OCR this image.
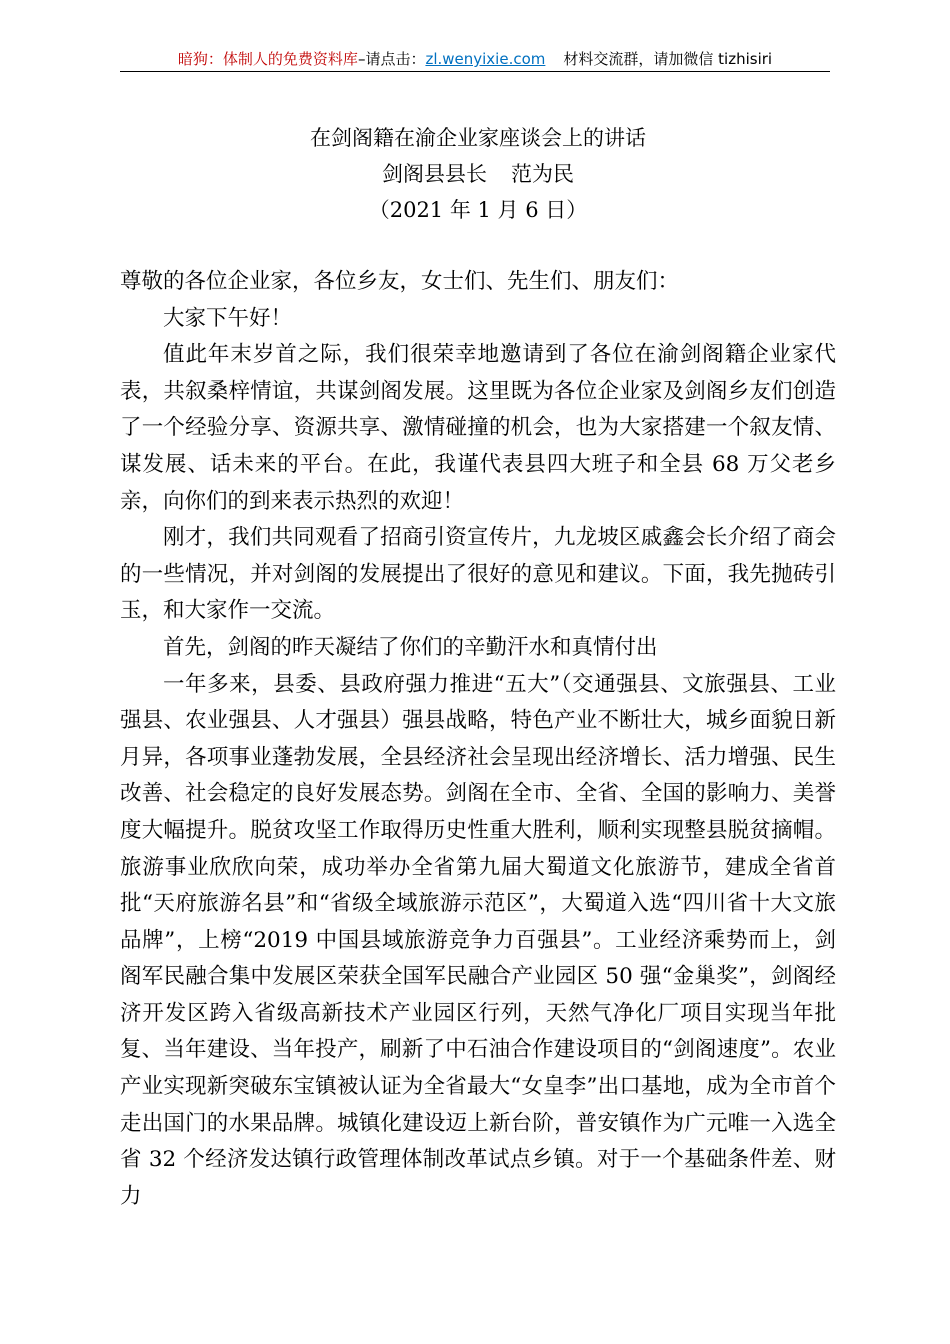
暗狗：体制人的免费资料库–请点击：zl.wenyixie.com 材料交流群，请加微信 tizhisiri
在剑阁籍在渝企业家座谈会上的讲话
剑阁县县长 范为民
（2021 年 1 月 6 日）

尊敬的各位企业家，各位乡友，女士们、先生们、朋友们：

大家下午好！

值此年末岁首之际，我们很荣幸地邀请到了各位在渝剑阁籍企业家代表，共叙桑梓情谊，共谋剑阁发展。这里既为各位企业家及剑阁乡友们创造了一个经验分享、资源共享、激情碰撞的机会，也为大家搭建一个叙友情、谋发展、话未来的平台。在此，我谨代表县四大班子和全县 68 万父老乡亲，向你们的到来表示热烈的欢迎！

刚才，我们共同观看了招商引资宣传片，九龙坡区戚鑫会长介绍了商会的一些情况，并对剑阁的发展提出了很好的意见和建议。下面，我先抛砖引玉，和大家作一交流。

首先，剑阁的昨天凝结了你们的辛勤汗水和真情付出

一年多来，县委、县政府强力推进“五大”（交通强县、文旅强县、工业强县、农业强县、人才强县）强县战略，特色产业不断壮大，城乡面貌日新月异，各项事业蓬勃发展，全县经济社会呈现出经济增长、活力增强、民生改善、社会稳定的良好发展态势。剑阁在全市、全省、全国的影响力、美誉度大幅提升。脱贫攻坚工作取得历史性重大胜利，顺利实现整县脱贫摘帽。旅游事业欣欣向荣，成功举办全省第九届大蜀道文化旅游节，建成全省首批“天府旅游名县”和“省级全域旅游示范区”，大蜀道入选“四川省十大文旅品牌”，上榜“2019 中国县域旅游竞争力百强县”。工业经济乘势而上，剑阁军民融合集中发展区荣获全国军民融合产业园区 50 强“金巢奖”，剑阁经济开发区跨入省级高新技术产业园区行列，天然气净化厂项目实现当年批复、当年建设、当年投产，刷新了中石油合作建设项目的“剑阁速度”。农业产业实现新突破东宝镇被认证为全省最大“女皇李”出口基地，成为全市首个走出国门的水果品牌。城镇化建设迈上新台阶，普安镇作为广元唯一入选全省 32 个经济发达镇行政管理体制改革试点乡镇。对于一个基础条件差、财力
